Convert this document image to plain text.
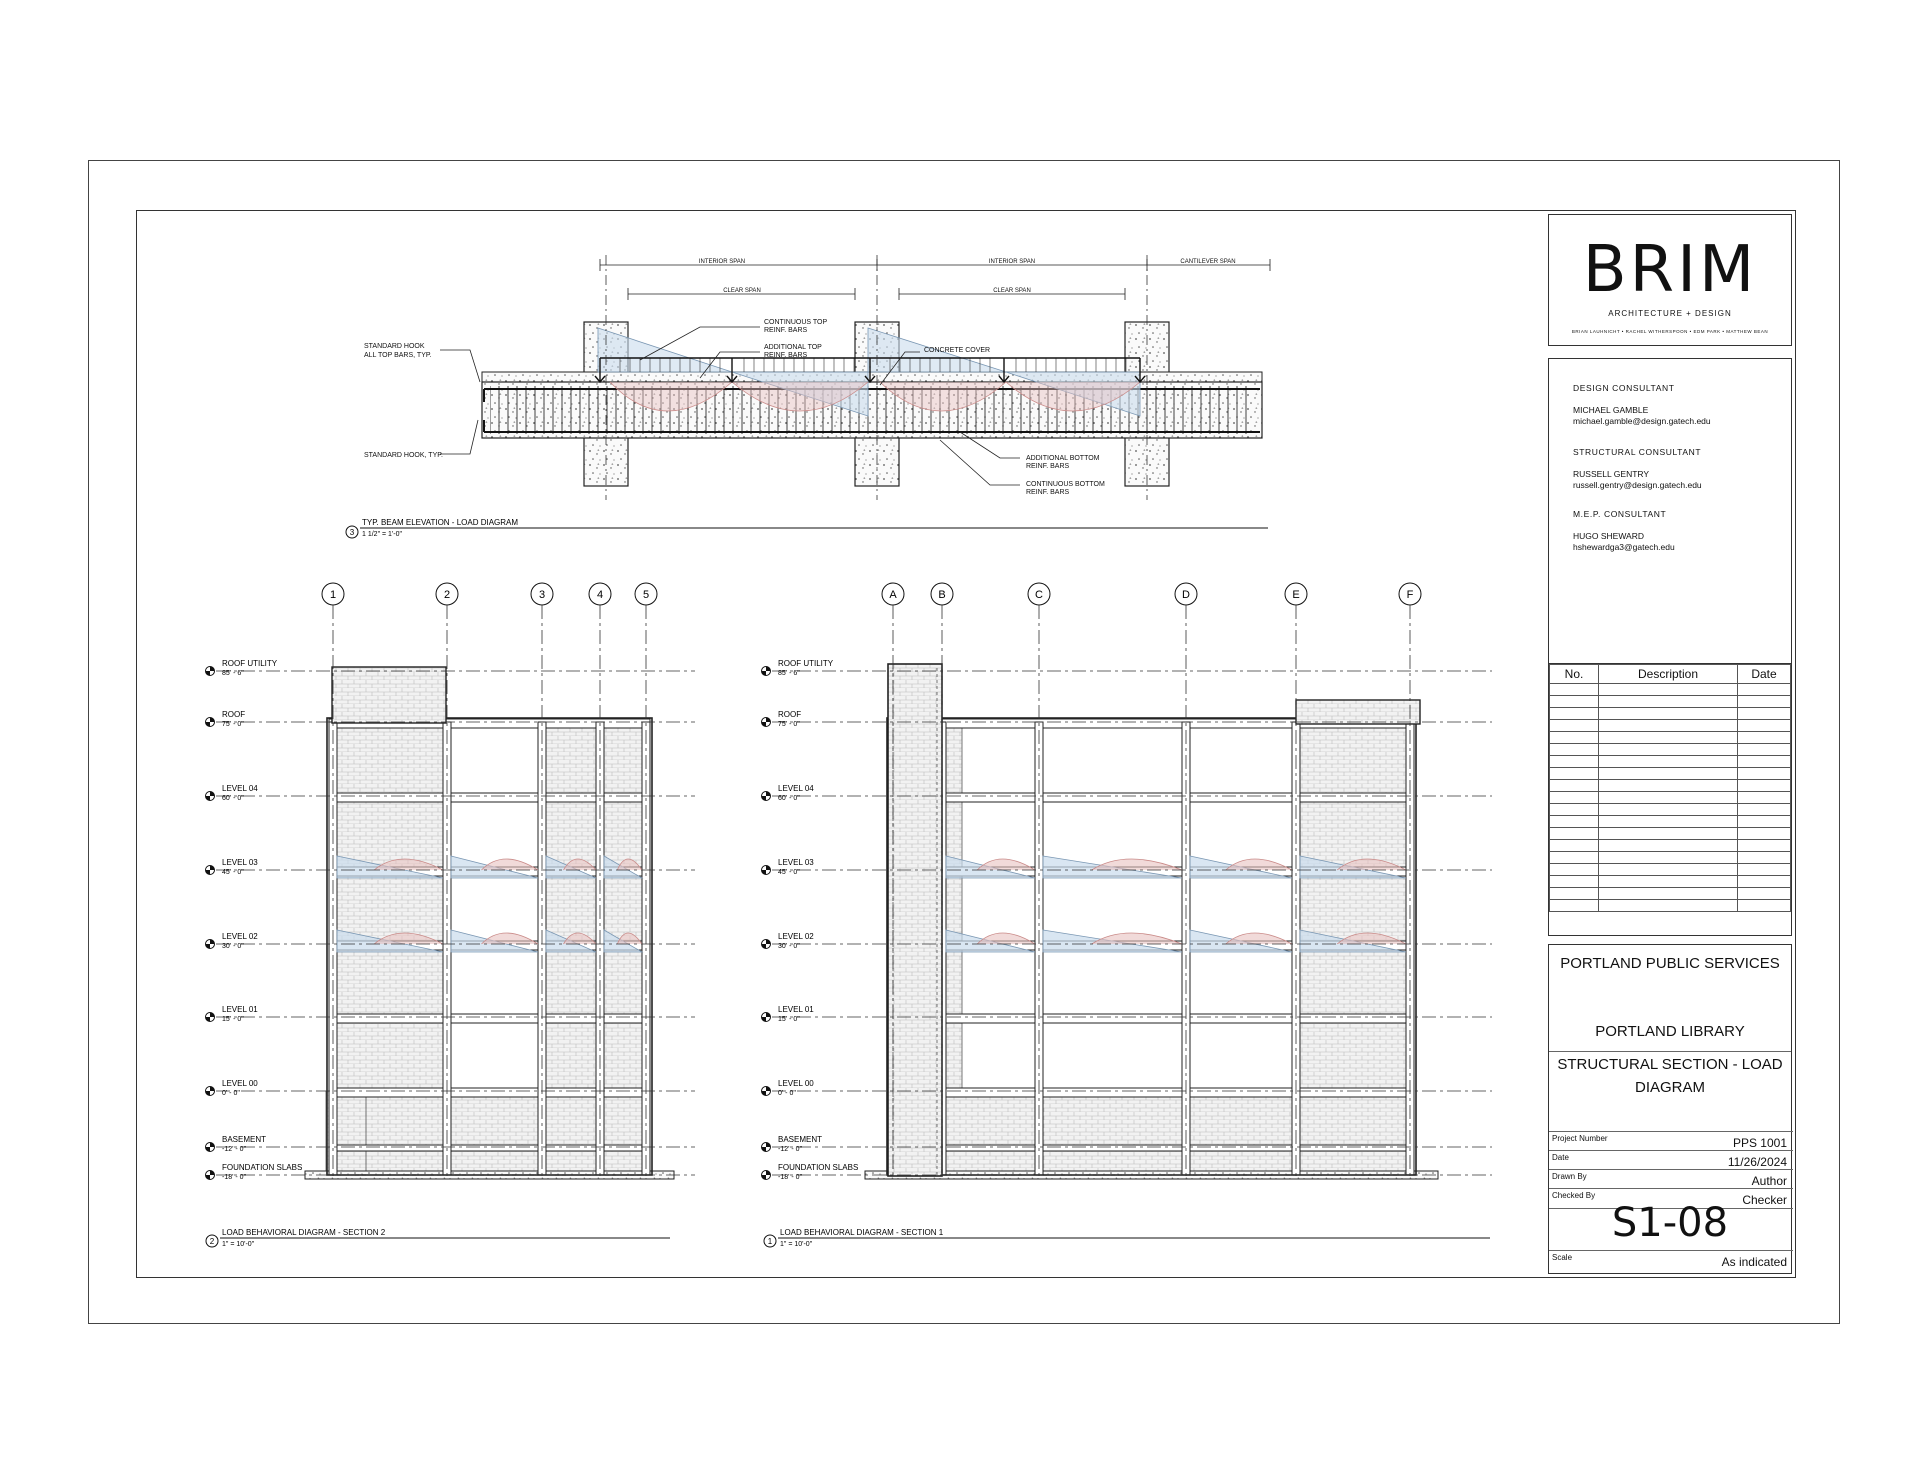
INTERIOR SPAN	INTERIOR SPAN	CANTILEVER SPAN
CLEAR SPAN	CLEAR SPAN
STANDARD HOOK
ALL TOP BARS, TYP.
STANDARD HOOK, TYP.
CONTINUOUS TOP
REINF. BARS
ADDITIONAL TOP
REINF. BARS
CONCRETE COVER
ADDITIONAL BOTTOM
REINF. BARS
CONTINUOUS BOTTOM
REINF. BARS
3
TYP. BEAM ELEVATION - LOAD DIAGRAM
1 1/2" = 1'-0"
1	2	3	4	5	A	B	C	D	E	F
ROOF UTILITY
85' - 6"
ROOF
75' - 0"
LEVEL 04
60' - 0"
LEVEL 03
45' - 0"
LEVEL 02
30' - 0"
LEVEL 01
15' - 0"
LEVEL 00
0' - 0"
BASEMENT
-12' - 0"
FOUNDATION SLABS
-18' - 0"
ROOF UTILITY
85' - 6"
ROOF
75' - 0"
LEVEL 04
60' - 0"
LEVEL 03
45' - 0"
LEVEL 02
30' - 0"
LEVEL 01
15' - 0"
LEVEL 00
0' - 0"
BASEMENT
-12' - 0"
FOUNDATION SLABS
-18' - 0"
2
LOAD BEHAVIORAL DIAGRAM - SECTION 2
1" = 10'-0"	1
LOAD BEHAVIORAL DIAGRAM - SECTION 1
1" = 10'-0"
BRIM
ARCHITECTURE + DESIGN
BRIAN LAUHNICHT • RACHEL WITHERSPOON • EDM PARK • MATTHEW BEAN
DESIGN CONSULTANT
MICHAEL GAMBLE
michael.gamble@design.gatech.edu
STRUCTURAL CONSULTANT
RUSSELL GENTRY
russell.gentry@design.gatech.edu
M.E.P. CONSULTANT
HUGO SHEWARD
hshewardga3@gatech.edu
No.	Description	Date

PORTLAND PUBLIC SERVICES
PORTLAND LIBRARY
STRUCTURAL SECTION - LOAD
DIAGRAM
Project Number	PPS 1001
Date	11/26/2024
Drawn By	Author
Checked By	Checker
S1-08
Scale	As indicated
